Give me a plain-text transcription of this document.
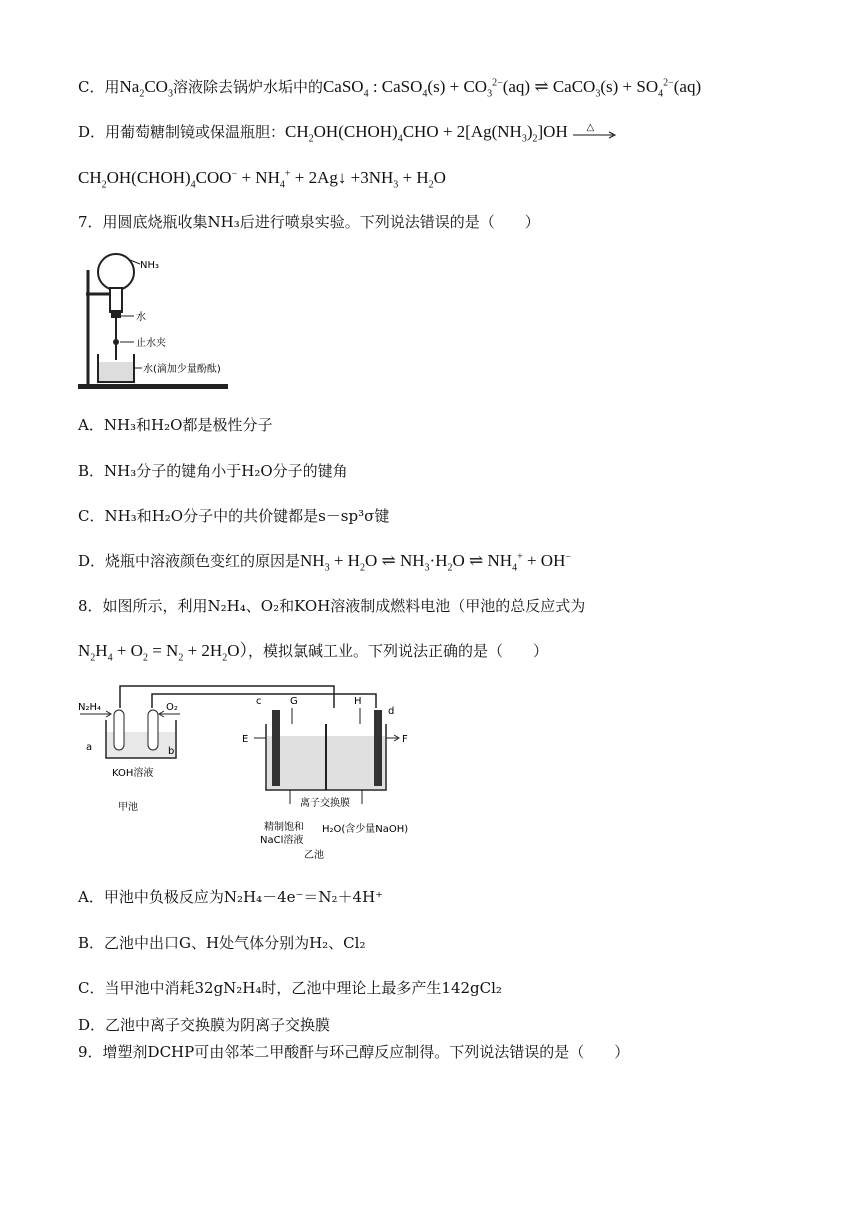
C．用$Na_2CO_3$溶液除去锅炉水垢中的CaSO$_4$ : CaSO$_4$(s) + $CO_3^{2-}(aq)$ ⇌ CaCO$_3$(s) + $SO_4^{2-}(aq)$
D．用葡萄糖制镜或保温瓶胆：$CH_2OH(CHOH)_4CHO + 2[Ag(NH_3)_2]OH$ △
$CH_2OH(CHOH)_4COO^- + NH_4^+$ + 2Ag↓ $+3NH_3 + H_2O$
7．用圆底烧瓶收集NH₃后进行喷泉实验。下列说法错误的是（　　）
NH₃
水
止水夹
水(滴加少量酚酞)
A．NH₃和H₂O都是极性分子
B．NH₃分子的键角小于H₂O分子的键角
C．NH₃和H₂O分子中的共价键都是s－sp³σ键
D．烧瓶中溶液颜色变红的原因是$NH_3 + H_2O$ ⇌ $NH_3\cdot H_2O$ ⇌ $NH_4^+ + OH^-$
8．如图所示，利用N₂H₄、O₂和KOH溶液制成燃料电池（甲池的总反应式为
$N_2H_4 + O_2 = N_2 + 2H_2O$），模拟氯碱工业。下列说法正确的是（　　）
N₂H₄	O₂
a	b
KOH溶液
甲池
c	G	H
d
E	F
离子交换膜
精制饱和
NaCl溶液
H₂O(含少量NaOH)
乙池
A．甲池中负极反应为N₂H₄－4e⁻＝N₂＋4H⁺
B．乙池中出口G、H处气体分别为H₂、Cl₂
C．当甲池中消耗32gN₂H₄时，乙池中理论上最多产生142gCl₂
D．乙池中离子交换膜为阴离子交换膜
9．增塑剂DCHP可由邻苯二甲酸酐与环己醇反应制得。下列说法错误的是（　　）
